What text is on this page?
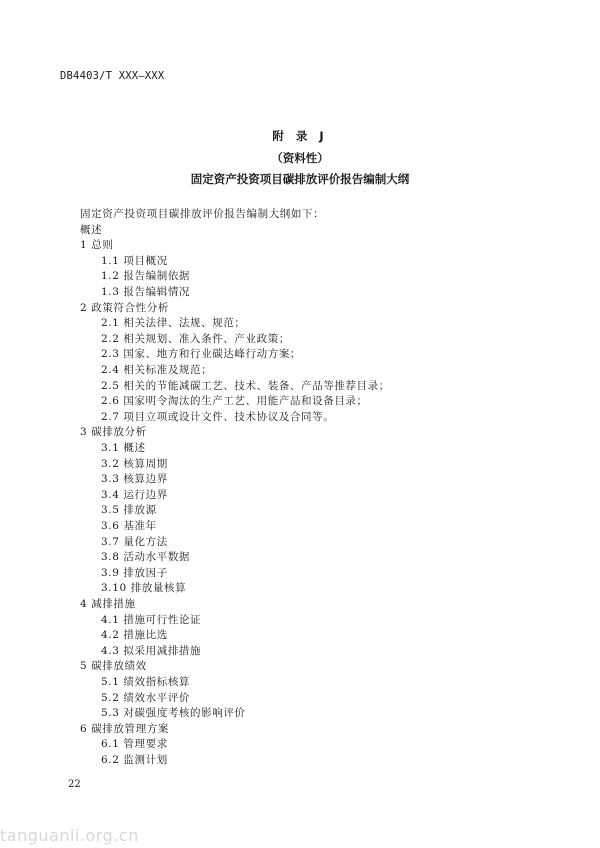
DB4403/T XXX—XXX
附 录 J
（资料性）
固定资产投资项目碳排放评价报告编制大纲
固定资产投资项目碳排放评价报告编制大纲如下：
概述
1 总则
1.1 项目概况
1.2 报告编制依据
1.3 报告编辑情况
2 政策符合性分析
2.1 相关法律、法规、规范；
2.2 相关规划、准入条件、产业政策；
2.3 国家、地方和行业碳达峰行动方案；
2.4 相关标准及规范；
2.5 相关的节能减碳工艺、技术、装备、产品等推荐目录；
2.6 国家明令淘汰的生产工艺、用能产品和设备目录；
2.7 项目立项或设计文件、技术协议及合同等。
3 碳排放分析
3.1 概述
3.2 核算周期
3.3 核算边界
3.4 运行边界
3.5 排放源
3.6 基准年
3.7 量化方法
3.8 活动水平数据
3.9 排放因子
3.10 排放量核算
4 减排措施
4.1 措施可行性论证
4.2 措施比选
4.3 拟采用减排措施
5 碳排放绩效
5.1 绩效指标核算
5.2 绩效水平评价
5.3 对碳强度考核的影响评价
6 碳排放管理方案
6.1 管理要求
6.2 监测计划
22
tanguanli.org.cn
